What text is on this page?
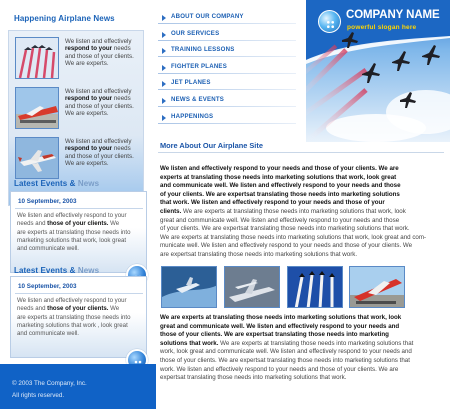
Happening Airplane News
We listen and effectively
respond to your needs
and those of your clients.
We are experts.
We listen and effectively
respond to your needs
and those of your clients.
We are experts.
We listen and effectively
respond to your needs
and those of your clients.
We are experts.
Latest Events & News
10 September, 2003
We listen and effectively respond to your
needs and those of your clients. We
are experts at translating those needs into
marketing solutions that work, look great
and communicate well.
Latest Events & News
10 September, 2003
We listen and effectively respond to your
needs and those of your clients. We
are experts at translating those needs into
marketing solutions that work , look great
and communicate well.
© 2003 The Company, Inc.
All rights reserved.
ABOUT OUR COMPANY
OUR SERVICES
TRAINING LESSONS
FIGHTER PLANES
JET PLANES
NEWS & EVENTS
HAPPENINGS
COMPANY NAME
powerful slogan here
More About Our Airplane Site
We listen and effectively respond to your needs and those of your clients. We are
experts at translating those needs into marketing solutions that work, look great
and communicate well. We listen and effectively respond to your needs and those
of your clients. We are expertsat translating those needs into marketing solutions
that work. We listen and effectively respond to your needs and those of your
clients. We are experts at translating those needs into marketing solutions that work, look
great and communicate well. We listen and effectively respond to your needs and those
of your clients. We are expertsat translating those needs into marketing solutions that work.
We are experts at translating those needs into marketing solutions that work, look great and com-
municate well. We listen and effectively respond to your needs and those of your clients. We
are expertsat translating those needs into marketing solutions that work.
We are experts at translating those needs into marketing solutions that work, look
great and communicate well. We listen and effectively respond to your needs and
those of your clients. We are expertsat translating those needs into marketing
solutions that work. We are experts at translating those needs into marketing solutions that
work, look great and communicate well. We listen and effectively respond to your needs and
those of your clients. We are expertsat translating those needs into marketing solutions that
work. We listen and effectively respond to your needs and those of your clients. We are
expertsat translating those needs into marketing solutions that work.
